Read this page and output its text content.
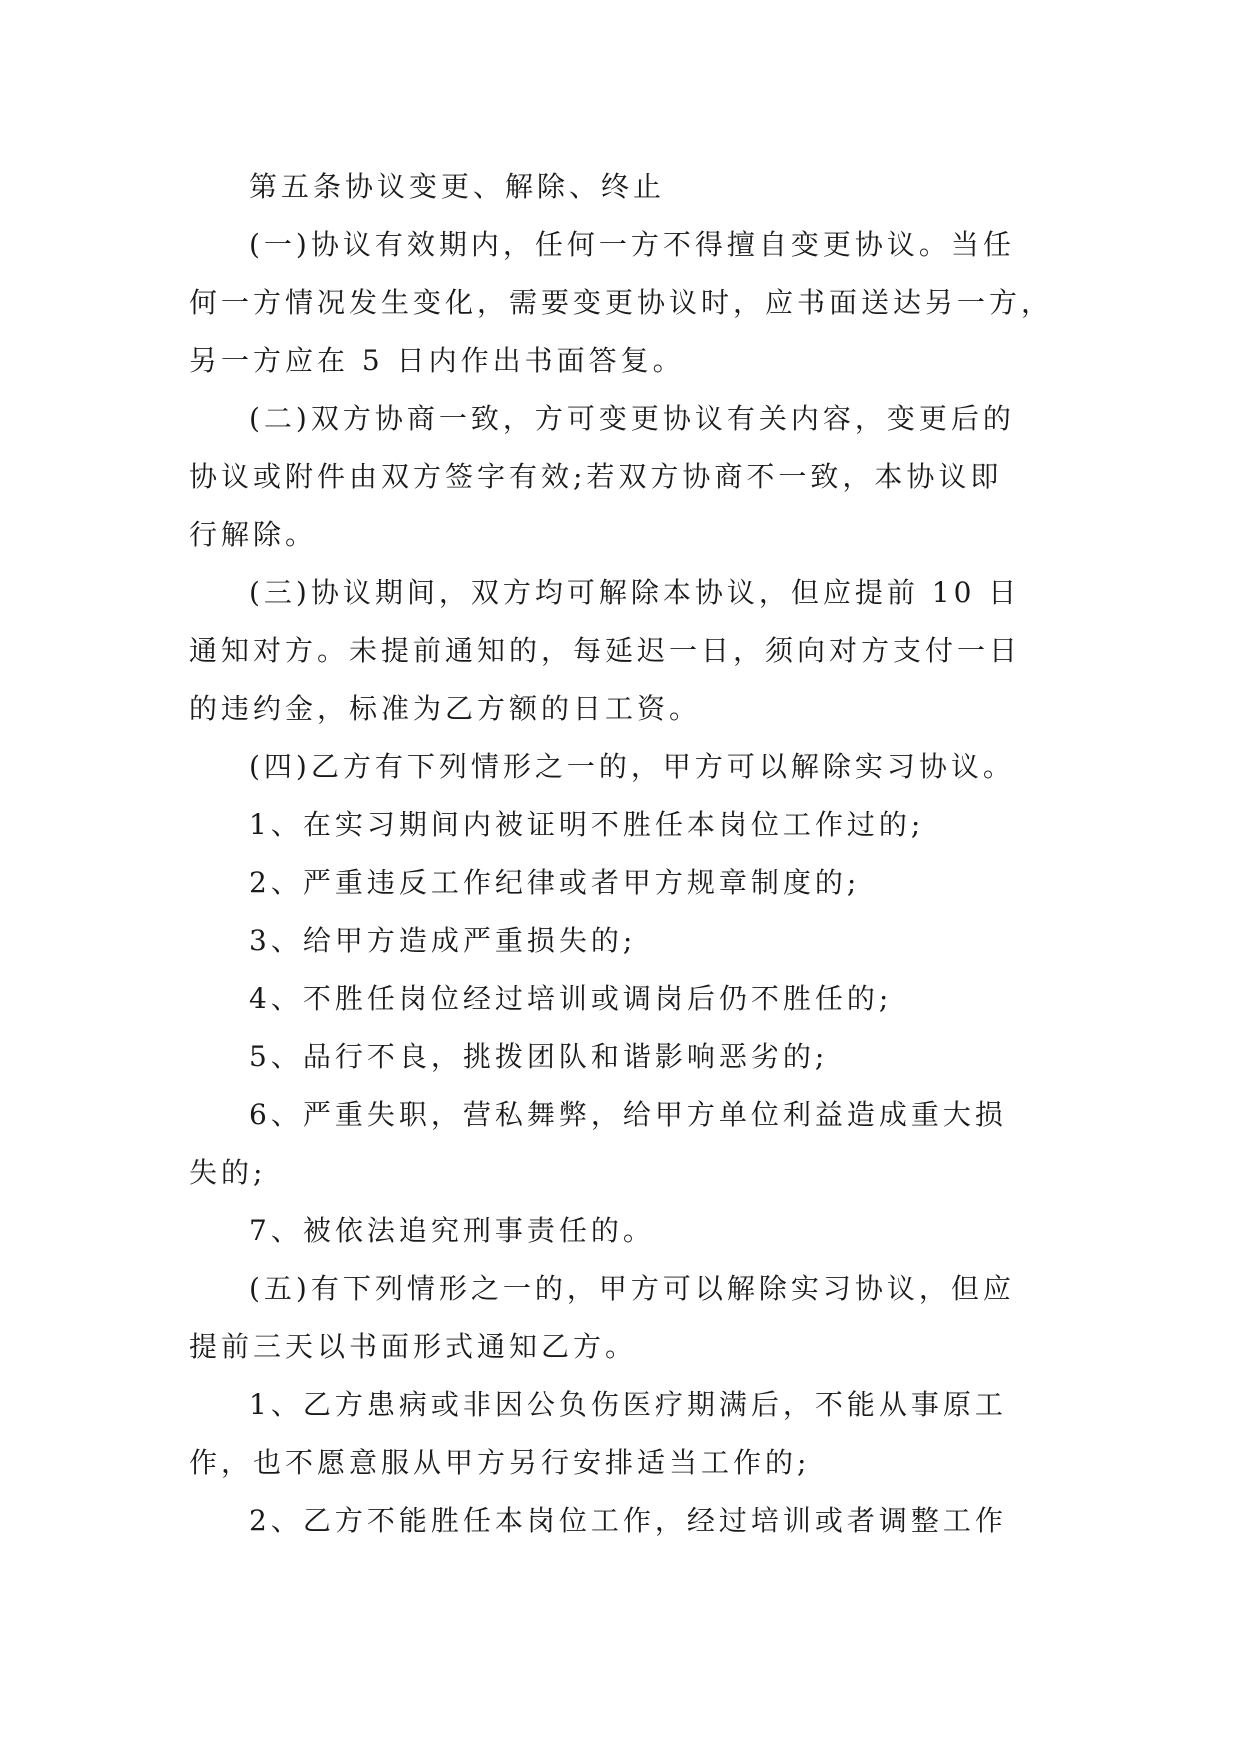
第五条协议变更、解除、终止
(一)协议有效期内，任何一方不得擅自变更协议。当任
何一方情况发生变化，需要变更协议时，应书面送达另一方，
另一方应在 5 日内作出书面答复。
(二)双方协商一致，方可变更协议有关内容，变更后的
协议或附件由双方签字有效;若双方协商不一致，本协议即
行解除。
(三)协议期间，双方均可解除本协议，但应提前 10 日
通知对方。未提前通知的，每延迟一日，须向对方支付一日
的违约金，标准为乙方额的日工资。
(四)乙方有下列情形之一的，甲方可以解除实习协议。
1、在实习期间内被证明不胜任本岗位工作过的;
2、严重违反工作纪律或者甲方规章制度的;
3、给甲方造成严重损失的;
4、不胜任岗位经过培训或调岗后仍不胜任的;
5、品行不良，挑拨团队和谐影响恶劣的;
6、严重失职，营私舞弊，给甲方单位利益造成重大损
失的;
7、被依法追究刑事责任的。
(五)有下列情形之一的，甲方可以解除实习协议，但应
提前三天以书面形式通知乙方。
1、乙方患病或非因公负伤医疗期满后，不能从事原工
作，也不愿意服从甲方另行安排适当工作的;
2、乙方不能胜任本岗位工作，经过培训或者调整工作
